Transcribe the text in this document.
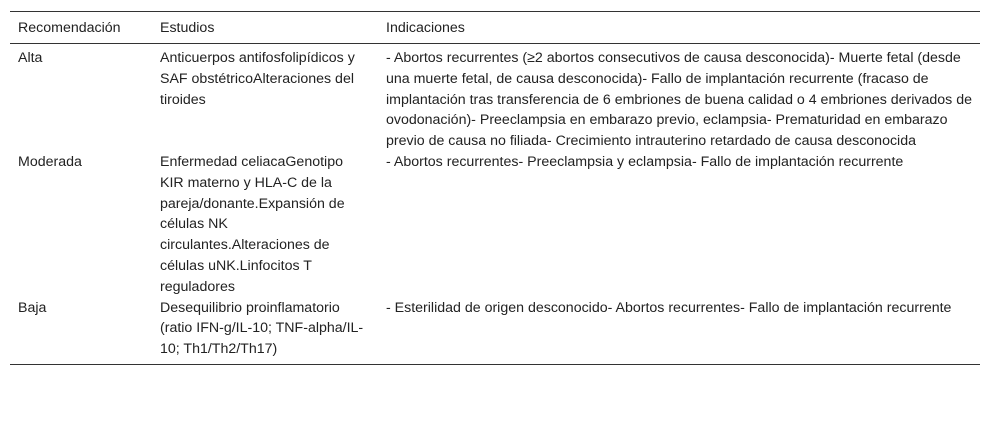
Recomendación	Estudios	Indicaciones
Alta	Anticuerpos antifosfolipídicos y SAF obstétricoAlteraciones del tiroides	- Abortos recurrentes (≥2 abortos consecutivos de causa desconocida)- Muerte fetal (desde una muerte fetal, de causa desconocida)- Fallo de implantación recurrente (fracaso de implantación tras transferencia de 6 embriones de buena calidad o 4 embriones derivados de ovodonación)- Preeclampsia en embarazo previo, eclampsia- Prematuridad en embarazo previo de causa no filiada- Crecimiento intrauterino retardado de causa desconocida
Moderada	Enfermedad celiacaGenotipo KIR materno y HLA-C de la pareja/donante.Expansión de células NK circulantes.Alteraciones de células uNK.Linfocitos T reguladores	- Abortos recurrentes- Preeclampsia y eclampsia- Fallo de implantación recurrente
Baja	Desequilibrio proinflamatorio (ratio IFN-g/IL-10; TNF-alpha/IL-10; Th1/Th2/Th17)	- Esterilidad de origen desconocido- Abortos recurrentes- Fallo de implantación recurrente
